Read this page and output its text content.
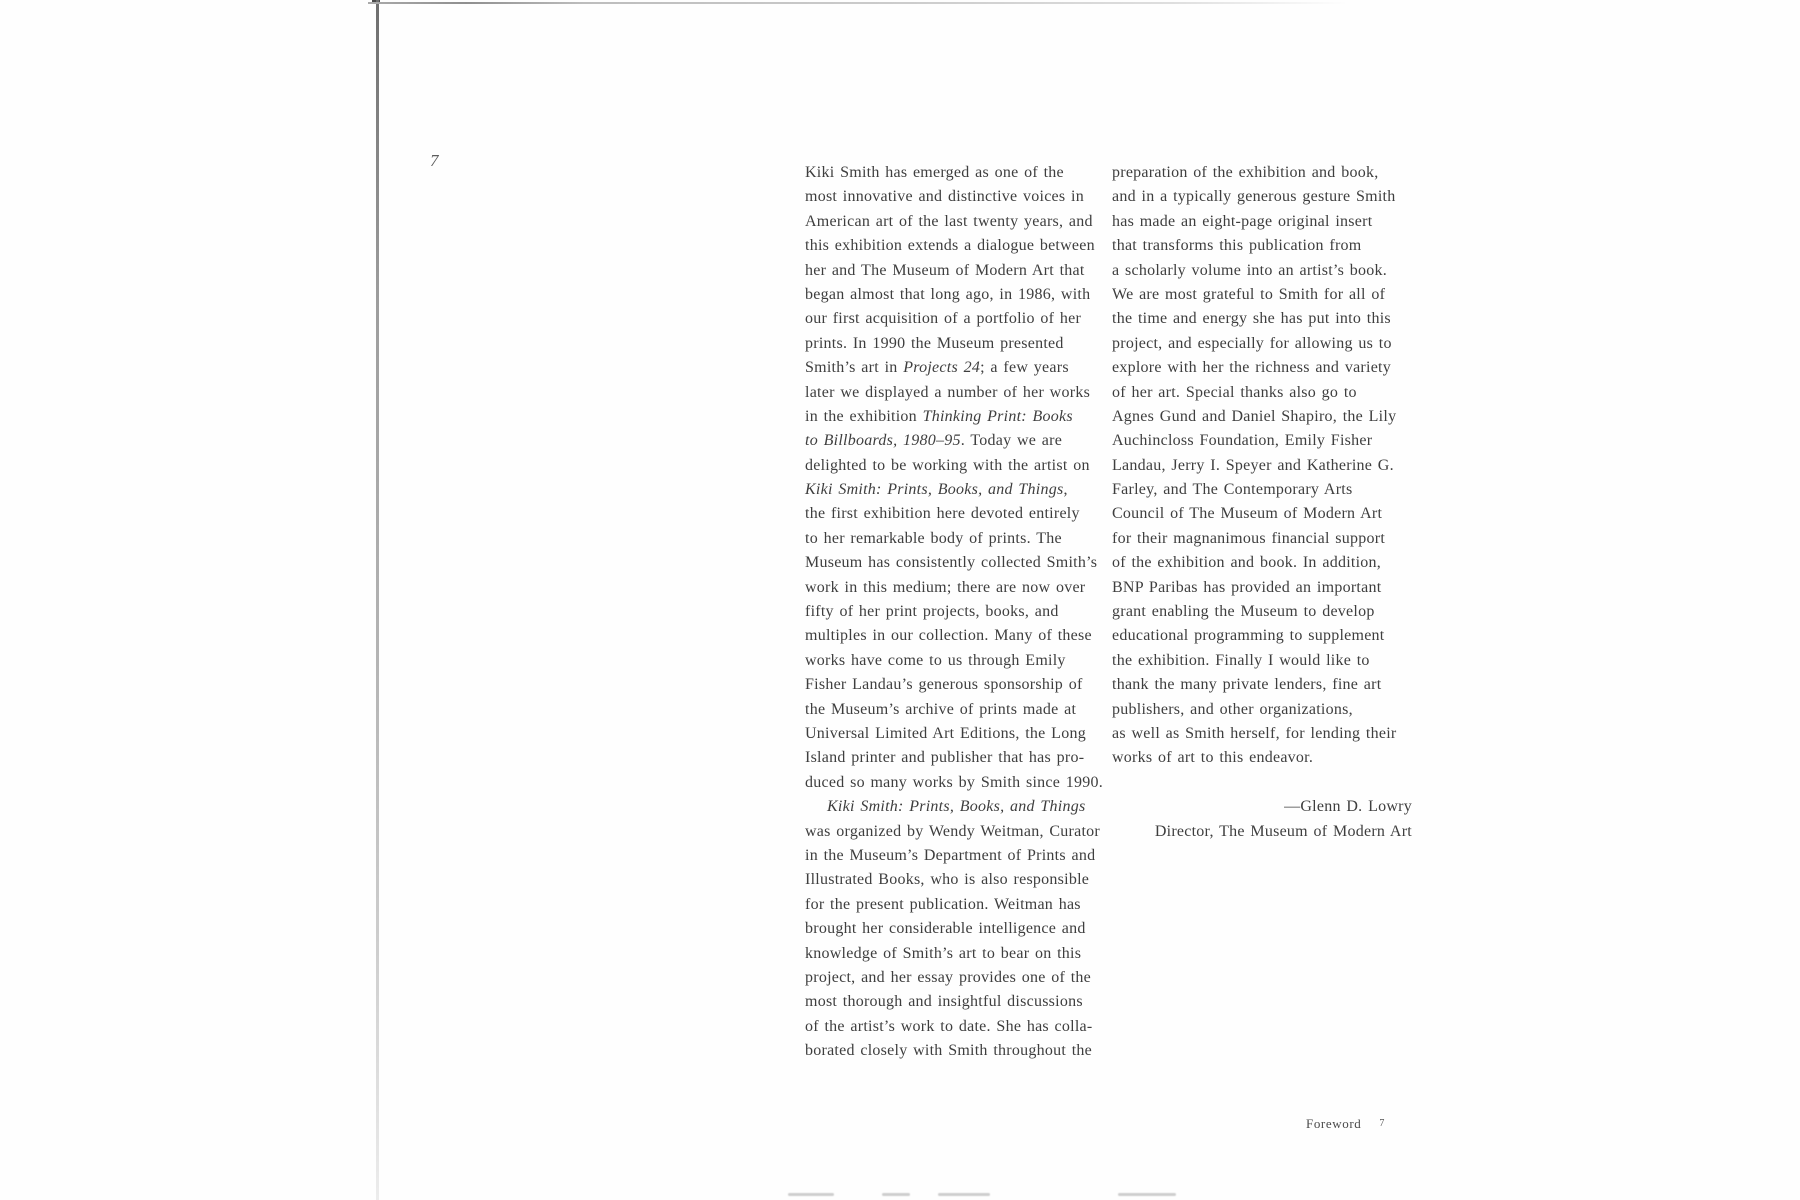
7
Kiki Smith has emerged as one of the
most innovative and distinctive voices in
American art of the last twenty years, and
this exhibition extends a dialogue between
her and The Museum of Modern Art that
began almost that long ago, in 1986, with
our first acquisition of a portfolio of her
prints. In 1990 the Museum presented
Smith’s art in Projects 24; a few years
later we displayed a number of her works
in the exhibition Thinking Print: Books
to Billboards, 1980–95. Today we are
delighted to be working with the artist on
Kiki Smith: Prints, Books, and Things,
the first exhibition here devoted entirely
to her remarkable body of prints. The
Museum has consistently collected Smith’s
work in this medium; there are now over
fifty of her print projects, books, and
multiples in our collection. Many of these
works have come to us through Emily
Fisher Landau’s generous sponsorship of
the Museum’s archive of prints made at
Universal Limited Art Editions, the Long
Island printer and publisher that has pro-
duced so many works by Smith since 1990.
Kiki Smith: Prints, Books, and Things
was organized by Wendy Weitman, Curator
in the Museum’s Department of Prints and
Illustrated Books, who is also responsible
for the present publication. Weitman has
brought her considerable intelligence and
knowledge of Smith’s art to bear on this
project, and her essay provides one of the
most thorough and insightful discussions
of the artist’s work to date. She has colla-
borated closely with Smith throughout the
preparation of the exhibition and book,
and in a typically generous gesture Smith
has made an eight-page original insert
that transforms this publication from
a scholarly volume into an artist’s book.
We are most grateful to Smith for all of
the time and energy she has put into this
project, and especially for allowing us to
explore with her the richness and variety
of her art. Special thanks also go to
Agnes Gund and Daniel Shapiro, the Lily
Auchincloss Foundation, Emily Fisher
Landau, Jerry I. Speyer and Katherine G.
Farley, and The Contemporary Arts
Council of The Museum of Modern Art
for their magnanimous financial support
of the exhibition and book. In addition,
BNP Paribas has provided an important
grant enabling the Museum to develop
educational programming to supplement
the exhibition. Finally I would like to
thank the many private lenders, fine art
publishers, and other organizations,
as well as Smith herself, for lending their
works of art to this endeavor.

—Glenn D. Lowry
Director, The Museum of Modern Art
Foreword 7
